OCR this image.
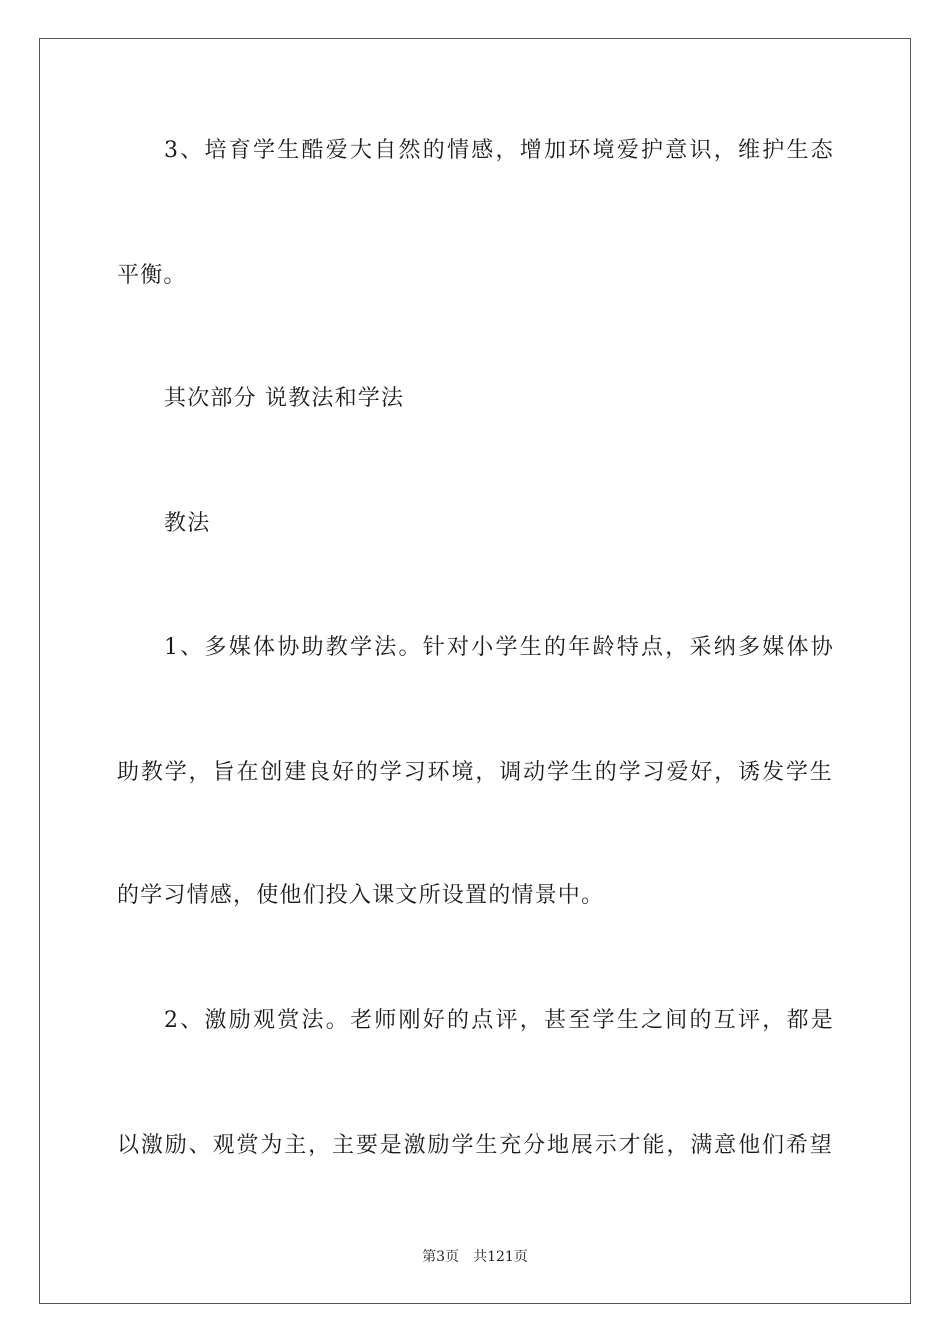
3、培育学生酷爱大自然的情感，增加环境爱护意识，维护生态
平衡。
其次部分 说教法和学法
教法
1、多媒体协助教学法。针对小学生的年龄特点，采纳多媒体协
助教学，旨在创建良好的学习环境，调动学生的学习爱好，诱发学生
的学习情感，使他们投入课文所设置的情景中。
2、激励观赏法。老师刚好的点评，甚至学生之间的互评，都是
以激励、观赏为主，主要是激励学生充分地展示才能，满意他们希望
第3页 共121页
